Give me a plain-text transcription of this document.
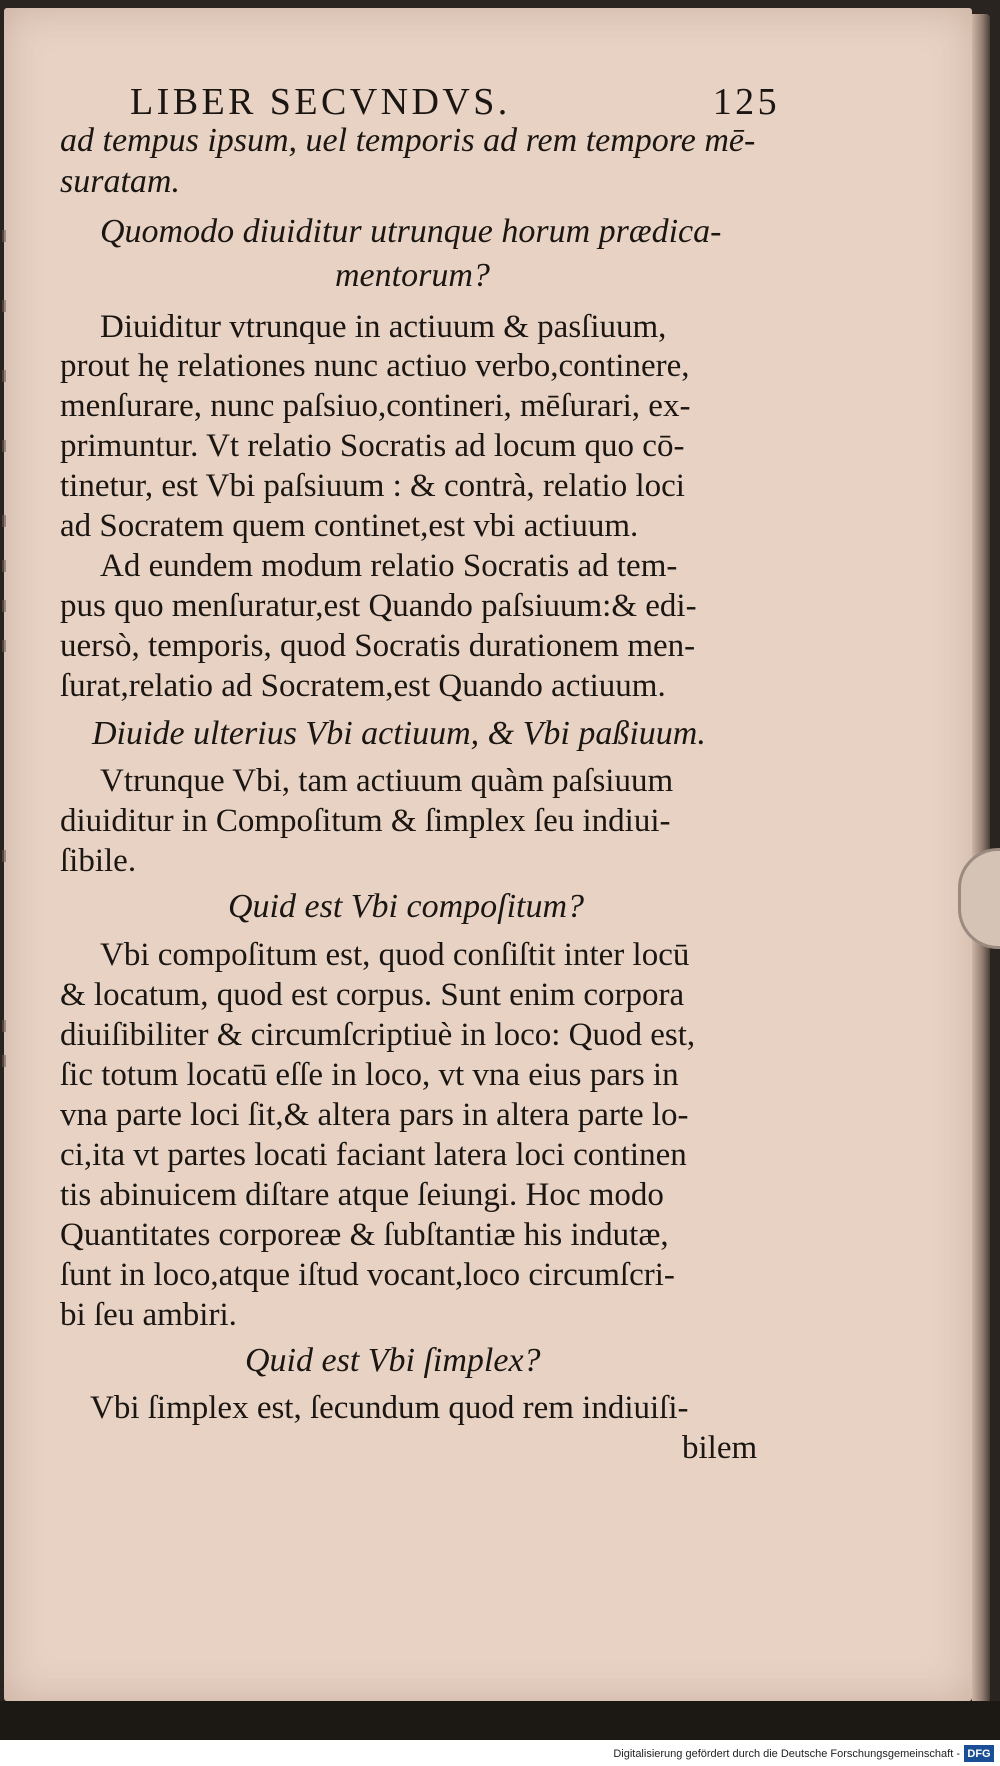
LIBER SECVNDVS.	125
ad tempus ipsum, uel temporis ad rem tempore mē-
suratam.
Quomodo diuiditur utrunque horum prædica-
mentorum?
Diuiditur vtrunque in actiuum & pasſiuum,
prout hę relationes nunc actiuo verbo,continere,
menſurare, nunc paſsiuo,contineri, mēſurari, ex-
primuntur. Vt relatio Socratis ad locum quo cō-
tinetur, est Vbi paſsiuum : & contrà, relatio loci
ad Socratem quem continet,est vbi actiuum.
Ad eundem modum relatio Socratis ad tem-
pus quo menſuratur,est Quando paſsiuum:& edi-
uersò, temporis, quod Socratis durationem men-
ſurat,relatio ad Socratem,est Quando actiuum.
Diuide ulterius Vbi actiuum, & Vbi paßiuum.
Vtrunque Vbi, tam actiuum quàm paſsiuum
diuiditur in Compoſitum & ſimplex ſeu indiui-
ſibile.
Quid est Vbi compoſitum?
Vbi compoſitum est, quod conſiſtit inter locū
& locatum, quod est corpus. Sunt enim corpora
diuiſibiliter & circumſcriptiuè in loco: Quod est,
ſic totum locatū eſſe in loco, vt vna eius pars in
vna parte loci ſit,& altera pars in altera parte lo-
ci,ita vt partes locati faciant latera loci continen
tis abinuicem diſtare atque ſeiungi. Hoc modo
Quantitates corporeæ & ſubſtantiæ his indutæ,
ſunt in loco,atque iſtud vocant,loco circumſcri-
bi ſeu ambiri.
Quid est Vbi ſimplex?
Vbi ſimplex est, ſecundum quod rem indiuiſi-
bilem
Digitalisierung gefördert durch die Deutsche Forschungsgemeinschaft - DFG
